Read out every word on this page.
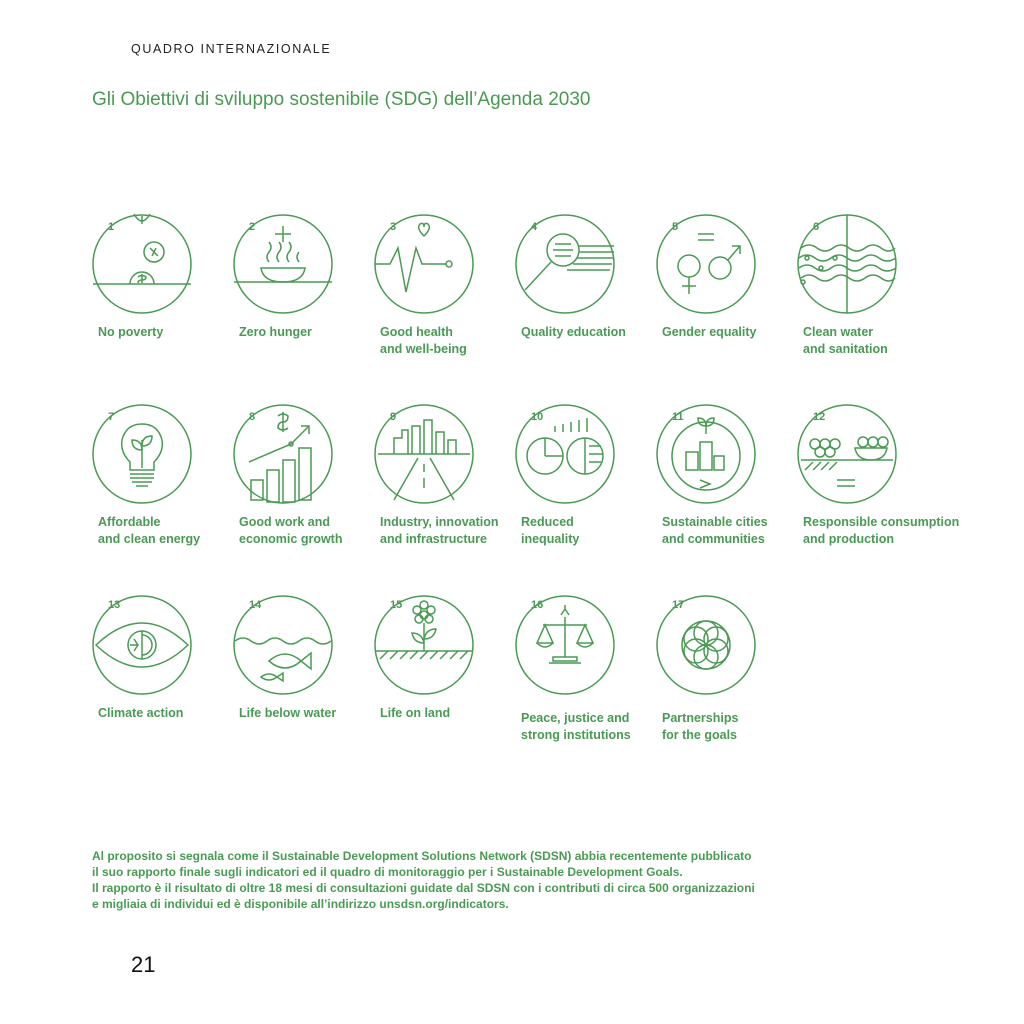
QUADRO INTERNAZIONALE
Gli Obiettivi di sviluppo sostenibile (SDG) dell’Agenda 2030
1
No poverty
2
Zero hunger
3
Good health
and well-being
4
Quality education
5
Gender equality
6
Clean water
and sanitation
7
Affordable
and clean energy
8
Good work and
economic growth
9
Industry, innovation
and infrastructure
10
Reduced
inequality
11
Sustainable cities
and communities
12
Responsible consumption
and production
13
Climate action
14
Life below water
15
Life on land
16
Peace, justice and
strong institutions
17
Partnerships
for the goals
Al proposito si segnala come il Sustainable Development Solutions Network (SDSN) abbia recentemente pubblicato
il suo rapporto finale sugli indicatori ed il quadro di monitoraggio per i Sustainable Development Goals.
Il rapporto è il risultato di oltre 18 mesi di consultazioni guidate dal SDSN con i contributi di circa 500 organizzazioni
e migliaia di individui ed è disponibile all’indirizzo unsdsn.org/indicators.
21
